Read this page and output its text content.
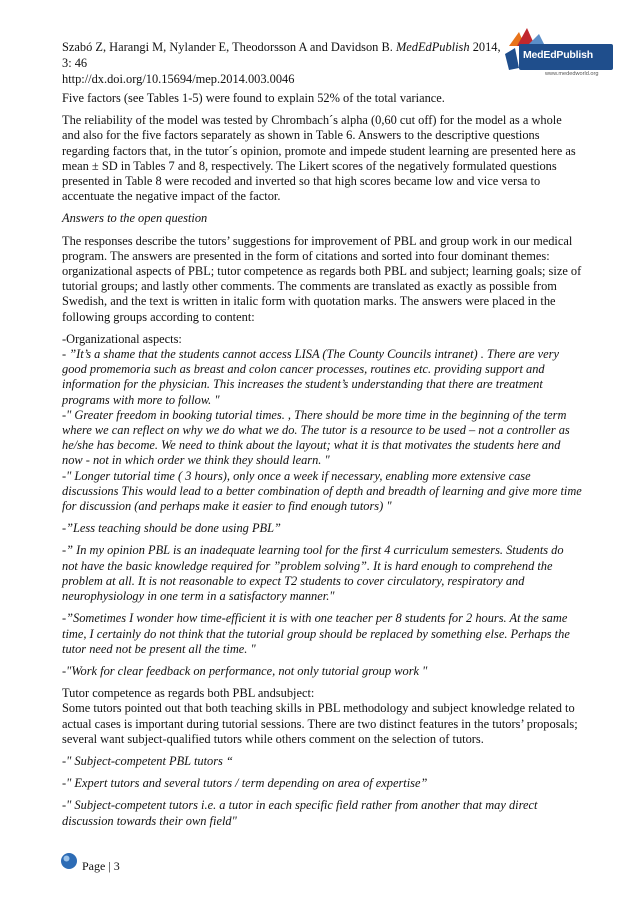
Szabó Z, Harangi M, Nylander E, Theodorsson A and Davidson B. MedEdPublish 2014,

3: 46

http://dx.doi.org/10.15694/mep.2014.003.0046

MedEdPublish
www.mededworld.org

Five factors (see Tables 1-5) were found to explain 52% of the total variance.

The reliability of the model was tested by Chrombach´s alpha (0,60 cut off) for the model as a whole and also for the five factors separately as shown in Table 6. Answers to the descriptive questions regarding factors that, in the tutor´s opinion, promote and impede student learning are presented here as mean ± SD in Tables 7 and 8, respectively. The Likert scores of the negatively formulated questions presented in Table 8 were recoded and inverted so that high scores became low and vice versa to accentuate the negative impact of the factor.

Answers to the open question

The responses describe the tutors’ suggestions for improvement of PBL and group work in our medical program. The answers are presented in the form of citations and sorted into four dominant themes: organizational aspects of PBL; tutor competence as regards both PBL and subject; learning goals; size of tutorial groups; and lastly other comments. The comments are translated as exactly as possible from Swedish, and the text is written in italic form with quotation marks. The answers were placed in the following groups according to content:

-Organizational aspects:

- ”It’s a shame that the students cannot access LISA (The County Councils intranet) . There are very good promemoria such as breast and colon cancer processes, routines etc. providing support and information for the physician. This increases the student’s understanding that there are treatment programs with more to follow. "

-" Greater freedom in booking tutorial times. , There should be more time in the beginning of the term where we can reflect on why we do what we do. The tutor is a resource to be used – not a controller as he/she has become. We need to think about the layout; what it is that motivates the students here and now - not in which order we think they should learn. "

-" Longer tutorial time ( 3 hours), only once a week if necessary, enabling more extensive case discussions This would lead to a better combination of depth and breadth of learning and give more time for discussion (and perhaps make it easier to find enough tutors) "

-”Less teaching should be done using PBL”

-” In my opinion PBL is an inadequate learning tool for the first 4 curriculum semesters. Students do not have the basic knowledge required for ”problem solving”. It is hard enough to comprehend the problem at all. It is not reasonable to expect T2 students to cover circulatory, respiratory and neurophysiology in one term in a satisfactory manner."

-”Sometimes I wonder how time-efficient it is with one teacher per 8 students for 2 hours. At the same time, I certainly do not think that the tutorial group should be replaced by something else. Perhaps the tutor need not be present all the time. "

-"Work for clear feedback on performance, not only tutorial group work "

Tutor competence as regards both PBL andsubject:

Some tutors pointed out that both teaching skills in PBL methodology and subject knowledge related to actual cases is important during tutorial sessions. There are two distinct features in the tutors’ proposals; several want subject-qualified tutors while others comment on the selection of tutors.

-" Subject-competent PBL tutors “

-" Expert tutors and several tutors / term depending on area of expertise”

-" Subject-competent tutors i.e. a tutor in each specific field rather from another that may direct discussion towards their own field"

Page | 3
